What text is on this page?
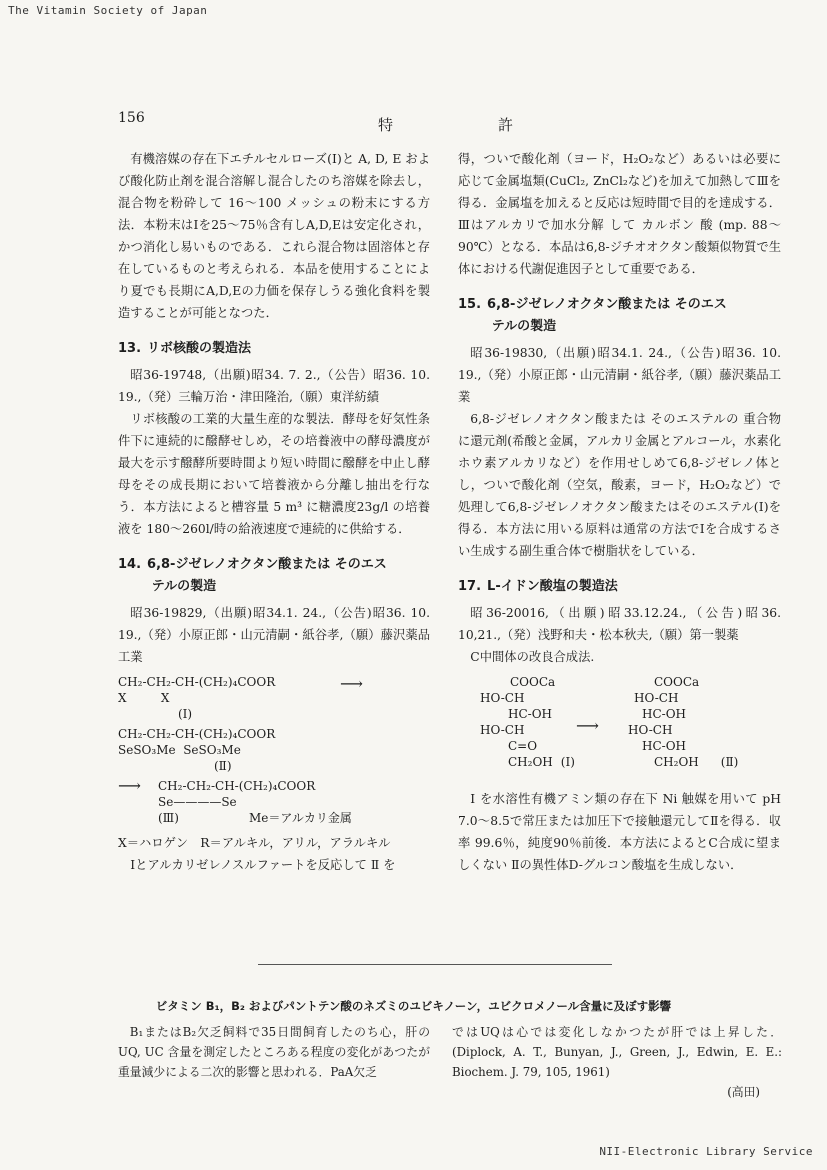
The Vitamin Society of Japan
156	特	許

有機溶媒の存在下エチルセルローズ(Ⅰ)と A, D, E および酸化防止剤を混合溶解し混合したのち溶媒を除去し，混合物を粉砕して 16～100 メッシュの粉末にする方法．本粉末はⅠを25～75％含有しA,D,Eは安定化され，かつ消化し易いものである．これら混合物は固溶体と存在しているものと考えられる．本品を使用することにより夏でも長期にA,D,Eの力価を保存しうる強化食料を製造することが可能となつた．

13. リボ核酸の製造法

昭36-19748,（出願)昭34. 7. 2.,（公告）昭36. 10. 19.,（発）三輪万治・津田隆治,（願）東洋紡績

リボ核酸の工業的大量生産的な製法．酵母を好気性条件下に連続的に醱酵せしめ，その培養液中の酵母濃度が最大を示す醱酵所要時間より短い時間に醱酵を中止し酵母をその成長期において培養液から分離し抽出を行なう．本方法によると槽容量 5 m³ に糖濃度23g/l の培養液を 180～260l/時の給液速度で連続的に供給する．

14. 6,8-ジゼレノオクタン酸または そのエス
テルの製造

昭36-19829,（出願)昭34.1. 24.,（公告)昭36. 10. 19.,（発）小原正郎・山元清嗣・紙谷孝,（願）藤沢薬品工業

CH₂-CH₂-CH-(CH₂)₄COOR
X         X
(Ⅰ)
⟶
CH₂-CH₂-CH-(CH₂)₄COOR
SeSO₃Me  SeSO₃Me
(Ⅱ)
⟶ CH₂-CH₂-CH-(CH₂)₄COOR
Se————Se
(Ⅲ)	Me＝アルカリ金属

X＝ハロゲン　R＝アルキル，アリル，アラルキル

Ⅰとアルカリゼレノスルファートを反応して Ⅱ を

得，ついで酸化剤（ヨード，H₂O₂など）あるいは必要に応じて金属塩類(CuCl₂, ZnCl₂など)を加えて加熱してⅢを得る．金属塩を加えると反応は短時間で目的を達成する．Ⅲはアルカリで加水分解 して カルボン 酸 (mp. 88～90℃）となる．本品は6,8-ジチオオクタン酸類似物質で生体における代謝促進因子として重要である．

15. 6,8-ジゼレノオクタン酸または そのエス
テルの製造

昭36-19830,（出願)昭34.1. 24.,（公告)昭36. 10. 19.,（発）小原正郎・山元清嗣・紙谷孝,（願）藤沢薬品工業

6,8-ジゼレノオクタン酸または そのエステルの 重合物に還元剤(希酸と金属，アルカリ金属とアルコール，水素化ホウ素アルカリなど）を作用せしめて6,8-ジゼレノ体とし，ついで酸化剤（空気，酸素，ヨード，H₂O₂など）で処理して6,8-ジゼレノオクタン酸またはそのエステル(Ⅰ)を得る．本方法に用いる原料は通常の方法でⅠを合成するさい生成する副生重合体で樹脂状をしている．

17. L-イドン酸塩の製造法

昭36-20016,（出願)昭33.12.24.,（公告)昭36. 10,21.,（発）浅野和夫・松本秋夫,（願）第一製薬

C中間体の改良合成法.

COOCa
HO-CH
HC-OH
HO-CH
C=O
CH₂OH (Ⅰ)
⟶
COOCa
HO-CH
HC-OH
HO-CH
HC-OH
CH₂OH (Ⅱ)

Ⅰ を水溶性有機アミン類の存在下 Ni 触媒を用いて pH 7.0～8.5で常圧または加圧下で接触還元してⅡを得る．収率 99.6％，純度90％前後．本方法によるとC合成に望ましくない Ⅱの異性体D-グルコン酸塩を生成しない．

ビタミン B₁，B₂ およびパントテン酸のネズミのユビキノーン，ユビクロメノール含量に及ぼす影響

B₁またはB₂欠乏飼料で35日間飼育したのち心，肝のUQ, UC 含量を測定したところある程度の変化があつたが重量減少による二次的影響と思われる．PaA欠乏

ではUQは心では変化しなかつたが肝では上昇した．(Diplock, A. T., Bunyan, J., Green, J., Edwin, E. E.: Biochem. J. 79, 105, 1961)

(高田)

NII-Electronic Library Service
